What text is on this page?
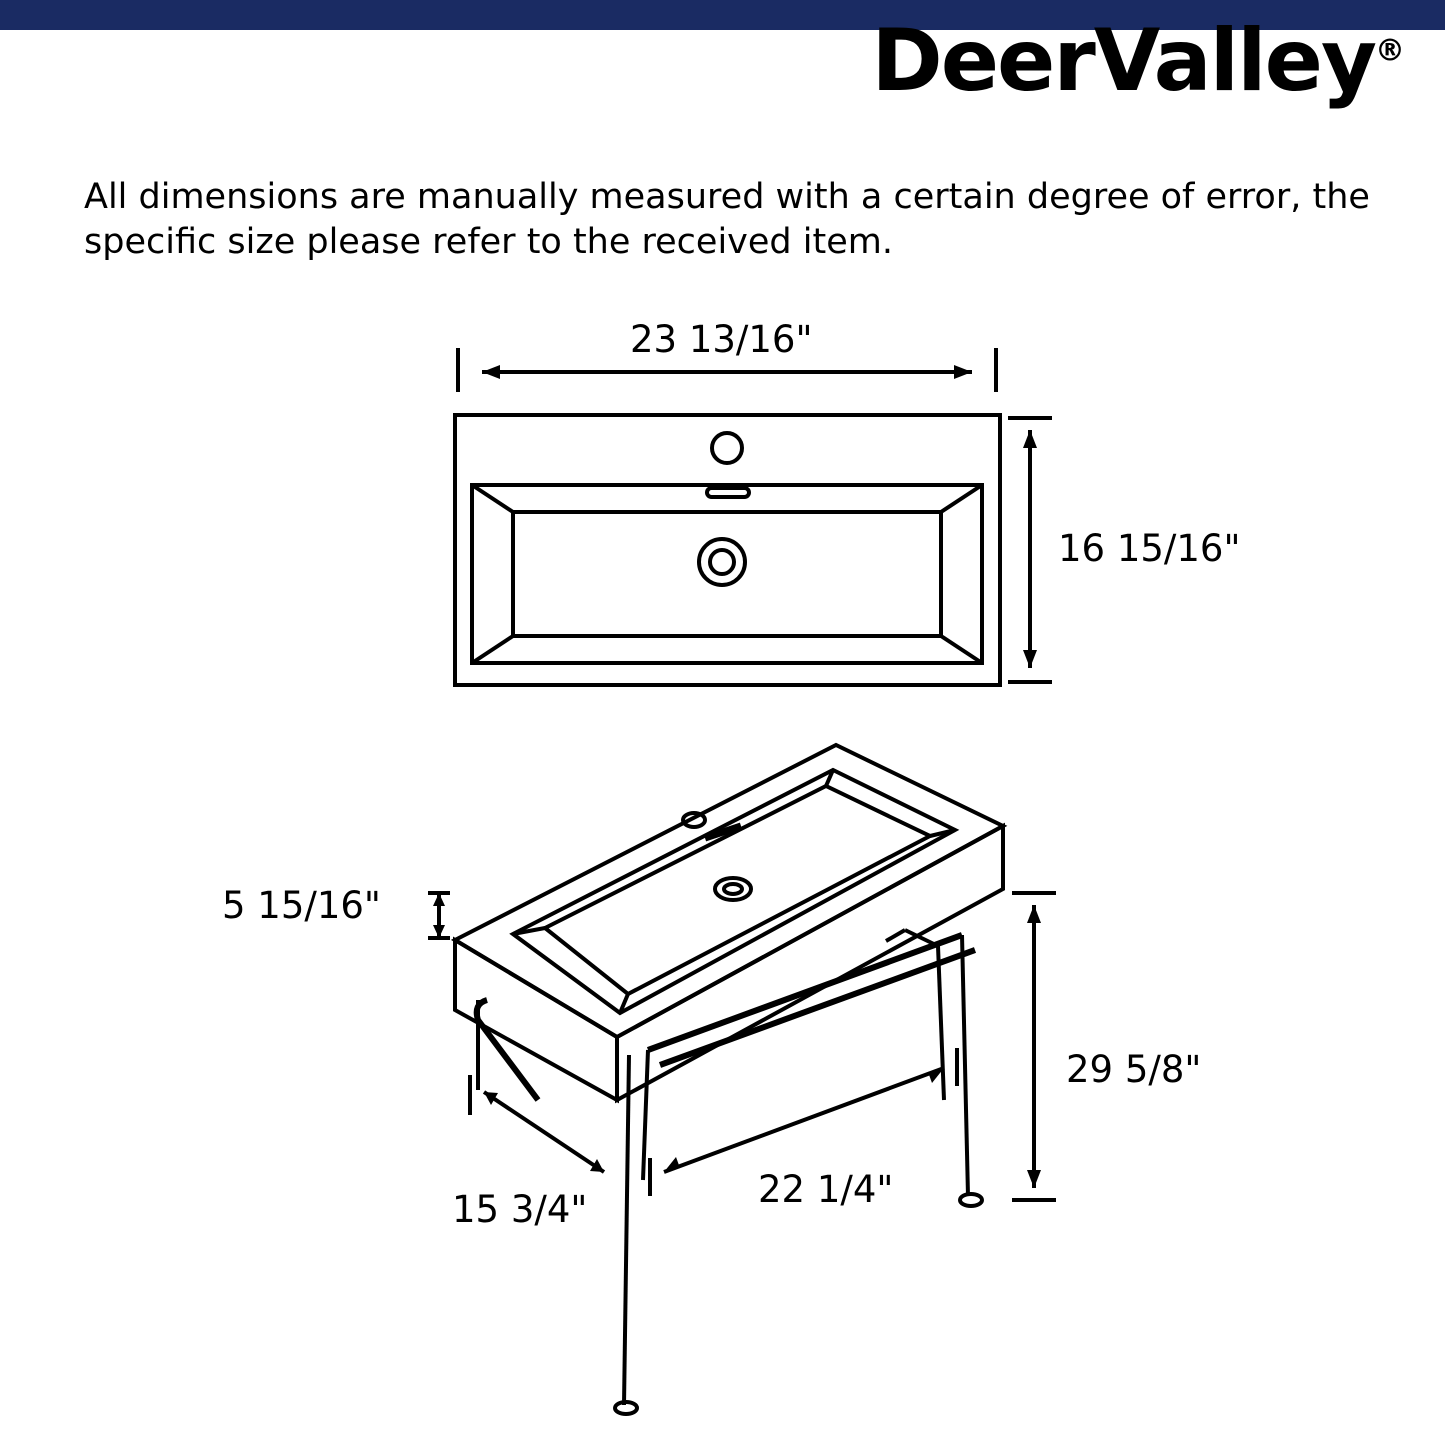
DeerValley®
All dimensions are manually measured with a certain degree of error, the specific size please refer to the received item.
23 13/16"
16 15/16"
5 15/16"
29 5/8"
15 3/4"	22 1/4"
